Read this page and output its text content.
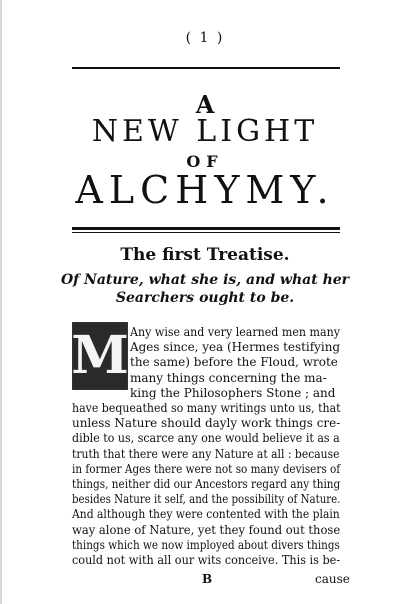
( 1 )
A
NEW LIGHT
OF
ALCHYMY.
The first Treatise.
Of Nature, what she is, and what her
Searchers ought to be.
M Any wise and very learned men many
Ages since, yea (Hermes testifying
the same) before the Floud, wrote
many things concerning the ma-
king the Philosophers Stone ; and
have bequeathed so many writings unto us, that
unless Nature should dayly work things cre-
dible to us, scarce any one would believe it as a
truth that there were any Nature at all : because
in former Ages there were not so many devisers of
things, neither did our Ancestors regard any thing
besides Nature it self, and the possibility of Nature.
And although they were contented with the plain
way alone of Nature, yet they found out those
things which we now imployed about divers things
could not with all our wits conceive. This is be-
B	cause
